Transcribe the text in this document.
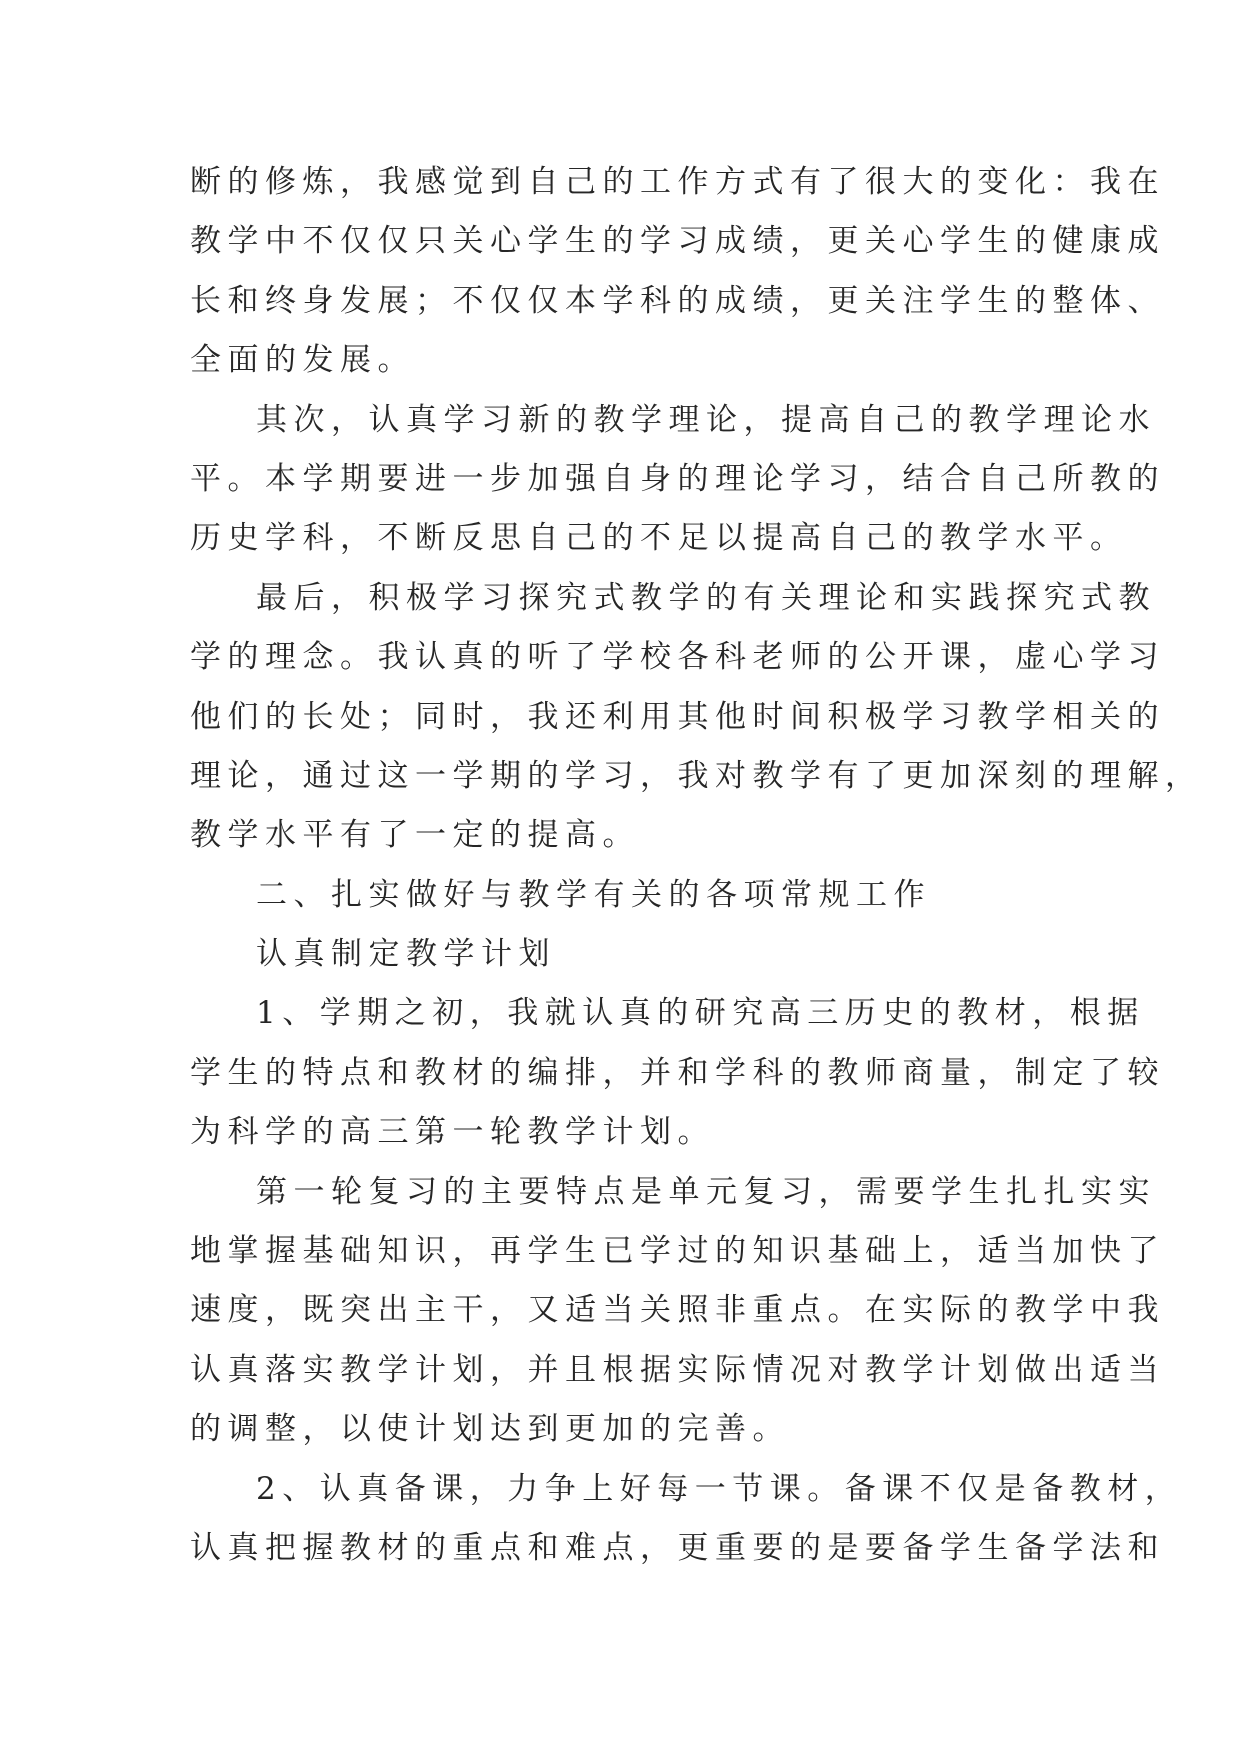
断的修炼，我感觉到自己的工作方式有了很大的变化：我在
教学中不仅仅只关心学生的学习成绩，更关心学生的健康成
长和终身发展；不仅仅本学科的成绩，更关注学生的整体、
全面的发展。
其次，认真学习新的教学理论，提高自己的教学理论水
平。本学期要进一步加强自身的理论学习，结合自己所教的
历史学科，不断反思自己的不足以提高自己的教学水平。
最后，积极学习探究式教学的有关理论和实践探究式教
学的理念。我认真的听了学校各科老师的公开课，虚心学习
他们的长处；同时，我还利用其他时间积极学习教学相关的
理论，通过这一学期的学习，我对教学有了更加深刻的理解，
教学水平有了一定的提高。
二、扎实做好与教学有关的各项常规工作
认真制定教学计划
1、学期之初，我就认真的研究高三历史的教材，根据
学生的特点和教材的编排，并和学科的教师商量，制定了较
为科学的高三第一轮教学计划。
第一轮复习的主要特点是单元复习，需要学生扎扎实实
地掌握基础知识，再学生已学过的知识基础上，适当加快了
速度，既突出主干，又适当关照非重点。在实际的教学中我
认真落实教学计划，并且根据实际情况对教学计划做出适当
的调整，以使计划达到更加的完善。
2、认真备课，力争上好每一节课。备课不仅是备教材，
认真把握教材的重点和难点，更重要的是要备学生备学法和
